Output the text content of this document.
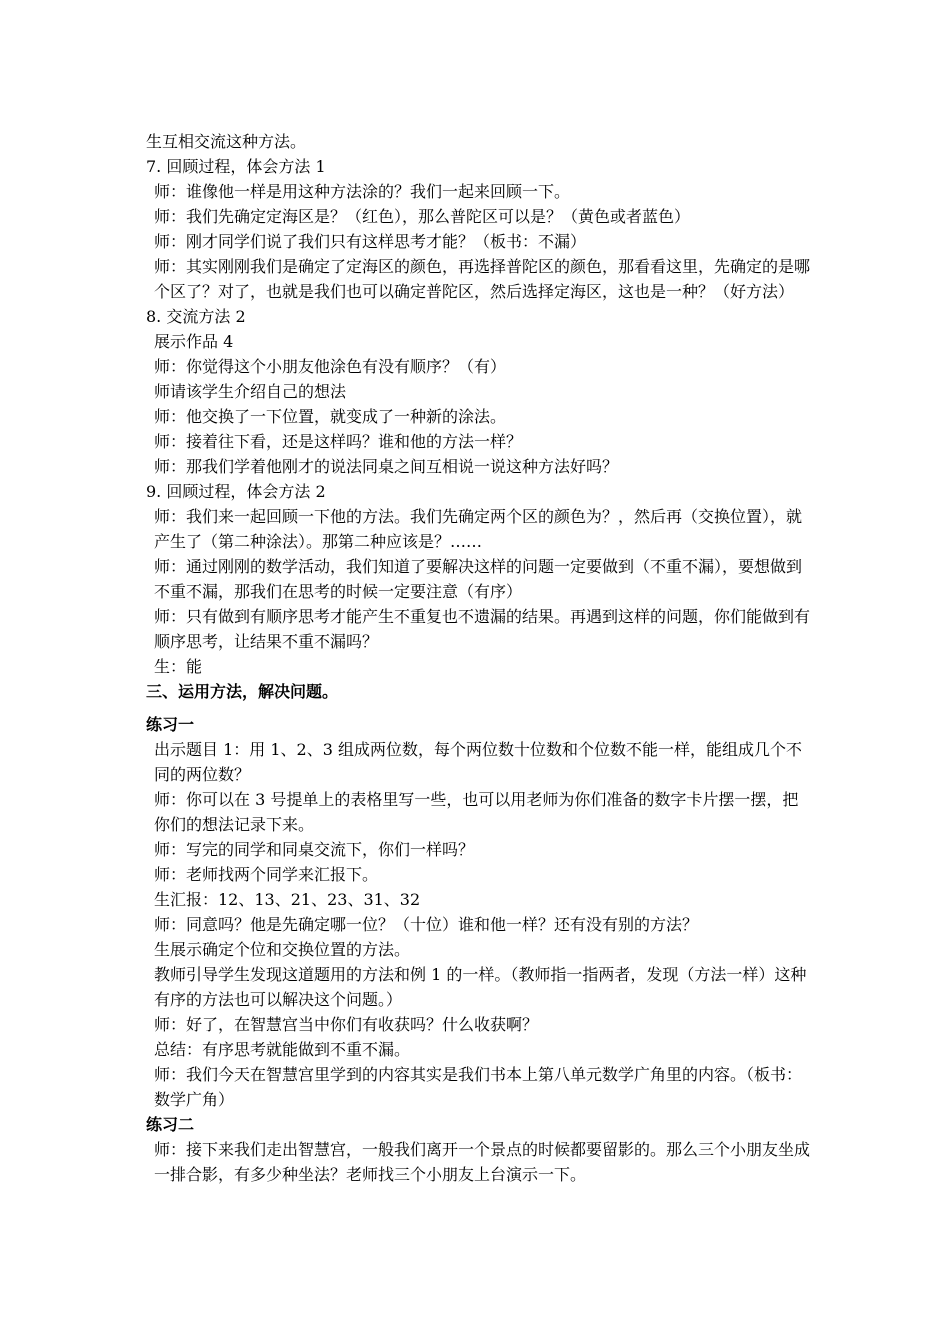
生互相交流这种方法。
7. 回顾过程，体会方法 1
师：谁像他一样是用这种方法涂的？我们一起来回顾一下。
师：我们先确定定海区是？（红色），那么普陀区可以是？（黄色或者蓝色）
师：刚才同学们说了我们只有这样思考才能？（板书：不漏）
师：其实刚刚我们是确定了定海区的颜色，再选择普陀区的颜色，那看看这里，先确定的是哪个区了？对了，也就是我们也可以确定普陀区，然后选择定海区，这也是一种？（好方法）
8. 交流方法 2
展示作品 4
师：你觉得这个小朋友他涂色有没有顺序？（有）
师请该学生介绍自己的想法
师：他交换了一下位置，就变成了一种新的涂法。
师：接着往下看，还是这样吗？谁和他的方法一样？
师：那我们学着他刚才的说法同桌之间互相说一说这种方法好吗？
9. 回顾过程，体会方法 2
师：我们来一起回顾一下他的方法。我们先确定两个区的颜色为？，然后再（交换位置），就产生了（第二种涂法）。那第二种应该是？……
师：通过刚刚的数学活动，我们知道了要解决这样的问题一定要做到（不重不漏），要想做到不重不漏，那我们在思考的时候一定要注意（有序）
师：只有做到有顺序思考才能产生不重复也不遗漏的结果。再遇到这样的问题，你们能做到有顺序思考，让结果不重不漏吗？
生：能
三、运用方法，解决问题。
练习一
出示题目 1：用 1、2、3 组成两位数，每个两位数十位数和个位数不能一样，能组成几个不同的两位数？
师：你可以在 3 号提单上的表格里写一些，也可以用老师为你们准备的数字卡片摆一摆，把你们的想法记录下来。
师：写完的同学和同桌交流下，你们一样吗？
师：老师找两个同学来汇报下。
生汇报：12、13、21、23、31、32
师：同意吗？他是先确定哪一位？（十位）谁和他一样？还有没有别的方法？
生展示确定个位和交换位置的方法。
教师引导学生发现这道题用的方法和例 1 的一样。（教师指一指两者，发现（方法一样）这种有序的方法也可以解决这个问题。）
师：好了，在智慧宫当中你们有收获吗？什么收获啊？
总结：有序思考就能做到不重不漏。
师：我们今天在智慧宫里学到的内容其实是我们书本上第八单元数学广角里的内容。（板书：数学广角）
练习二
师：接下来我们走出智慧宫，一般我们离开一个景点的时候都要留影的。那么三个小朋友坐成一排合影，有多少种坐法？老师找三个小朋友上台演示一下。
